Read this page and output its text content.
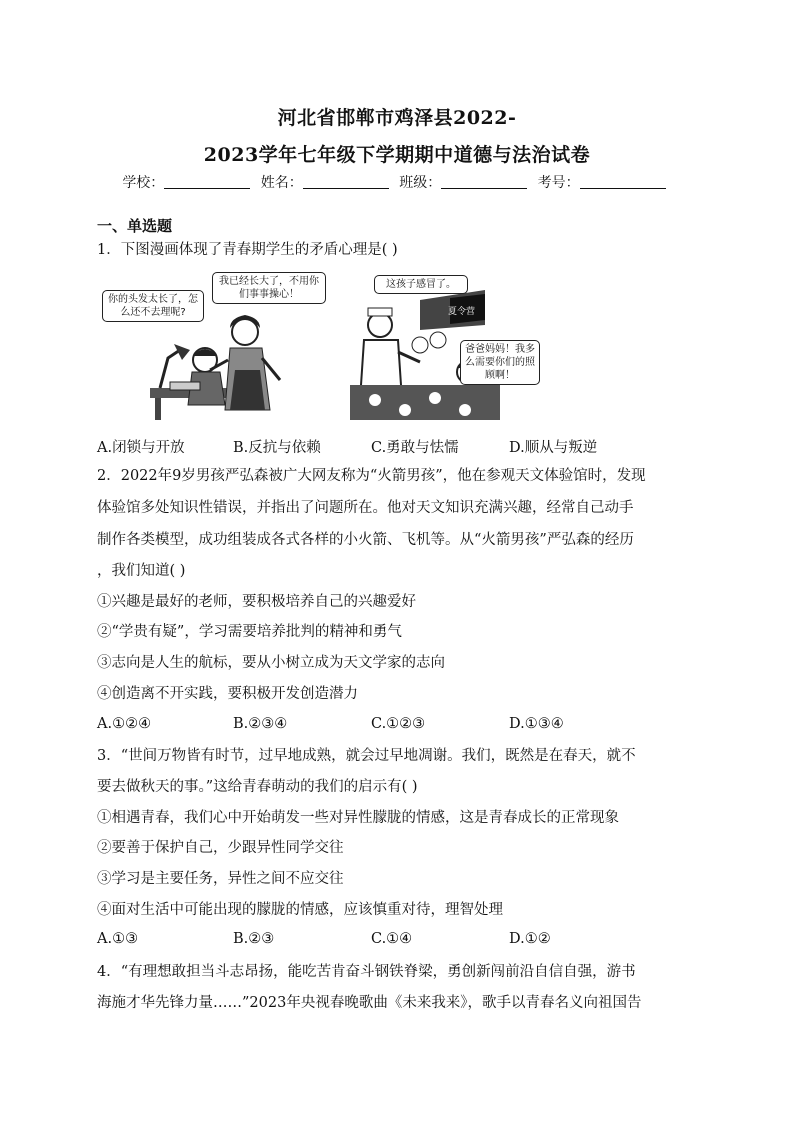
河北省邯郸市鸡泽县2022-
2023学年七年级下学期期中道德与法治试卷
学校：	姓名：	班级：	考号：
一、单选题
1．下图漫画体现了青春期学生的矛盾心理是( )
你的头发太长了，怎么还不去理呢?
我已经长大了，不用你们事事操心！
这孩子感冒了。
夏令营
爸爸妈妈！我多么需要你们的照顾啊！
A.闭锁与开放	B.反抗与依赖	C.勇敢与怯懦	D.顺从与叛逆
2．2022年9岁男孩严弘森被广大网友称为“火箭男孩”，他在参观天文体验馆时，发现
体验馆多处知识性错误，并指出了问题所在。他对天文知识充满兴趣，经常自己动手
制作各类模型，成功组装成各式各样的小火箭、飞机等。从“火箭男孩”严弘森的经历
，我们知道( )
①兴趣是最好的老师，要积极培养自己的兴趣爱好
②“学贵有疑”，学习需要培养批判的精神和勇气
③志向是人生的航标，要从小树立成为天文学家的志向
④创造离不开实践，要积极开发创造潜力
A.①②④	B.②③④	C.①②③	D.①③④
3．“世间万物皆有时节，过早地成熟，就会过早地凋谢。我们，既然是在春天，就不
要去做秋天的事。”这给青春萌动的我们的启示有( )
①相遇青春，我们心中开始萌发一些对异性朦胧的情感，这是青春成长的正常现象
②要善于保护自己，少跟异性同学交往
③学习是主要任务，异性之间不应交往
④面对生活中可能出现的朦胧的情感，应该慎重对待，理智处理
A.①③	B.②③	C.①④	D.①②
4．“有理想敢担当斗志昂扬，能吃苦肯奋斗钢铁脊梁，勇创新闯前沿自信自强，游书
海施才华先锋力量……”2023年央视春晚歌曲《未来我来》，歌手以青春名义向祖国告
